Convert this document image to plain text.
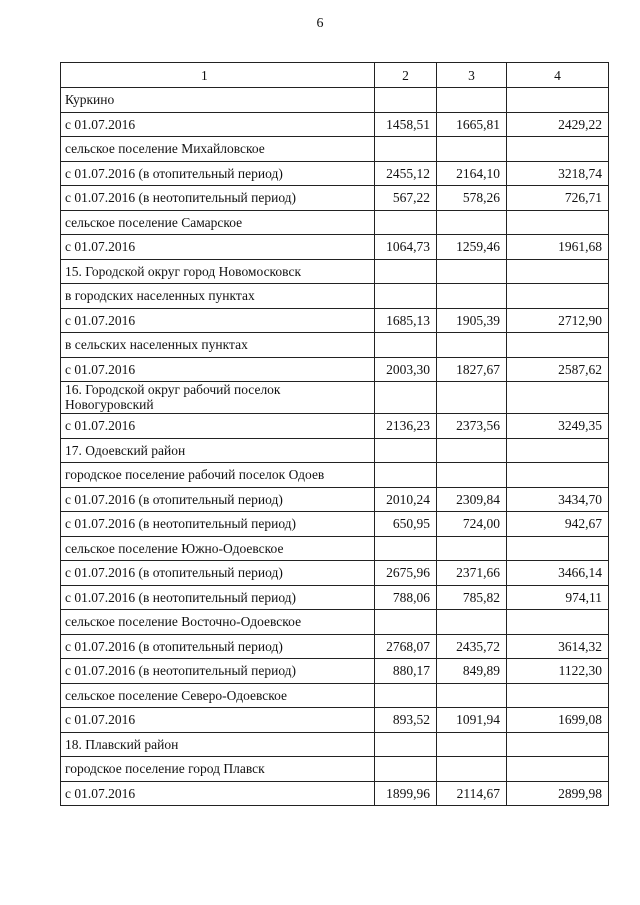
6
1	2	3	4
Куркино			
с 01.07.2016	1458,51	1665,81	2429,22
сельское поселение Михайловское			
с 01.07.2016 (в отопительный период)	2455,12	2164,10	3218,74
с 01.07.2016 (в неотопительный период)	567,22	578,26	726,71
сельское поселение Самарское			
с 01.07.2016	1064,73	1259,46	1961,68
15. Городской округ город Новомосковск			
в городских населенных пунктах			
с 01.07.2016	1685,13	1905,39	2712,90
в сельских населенных пунктах			
с 01.07.2016	2003,30	1827,67	2587,62
16. Городской округ рабочий поселок Новогуровский			
с 01.07.2016	2136,23	2373,56	3249,35
17. Одоевский район			
городское поселение рабочий поселок Одоев			
с 01.07.2016 (в отопительный период)	2010,24	2309,84	3434,70
с 01.07.2016 (в неотопительный период)	650,95	724,00	942,67
сельское поселение Южно-Одоевское			
с 01.07.2016 (в отопительный период)	2675,96	2371,66	3466,14
с 01.07.2016 (в неотопительный период)	788,06	785,82	974,11
сельское поселение Восточно-Одоевское			
с 01.07.2016 (в отопительный период)	2768,07	2435,72	3614,32
с 01.07.2016 (в неотопительный период)	880,17	849,89	1122,30
сельское поселение Северо-Одоевское			
с 01.07.2016	893,52	1091,94	1699,08
18. Плавский район			
городское поселение город Плавск			
с 01.07.2016	1899,96	2114,67	2899,98
